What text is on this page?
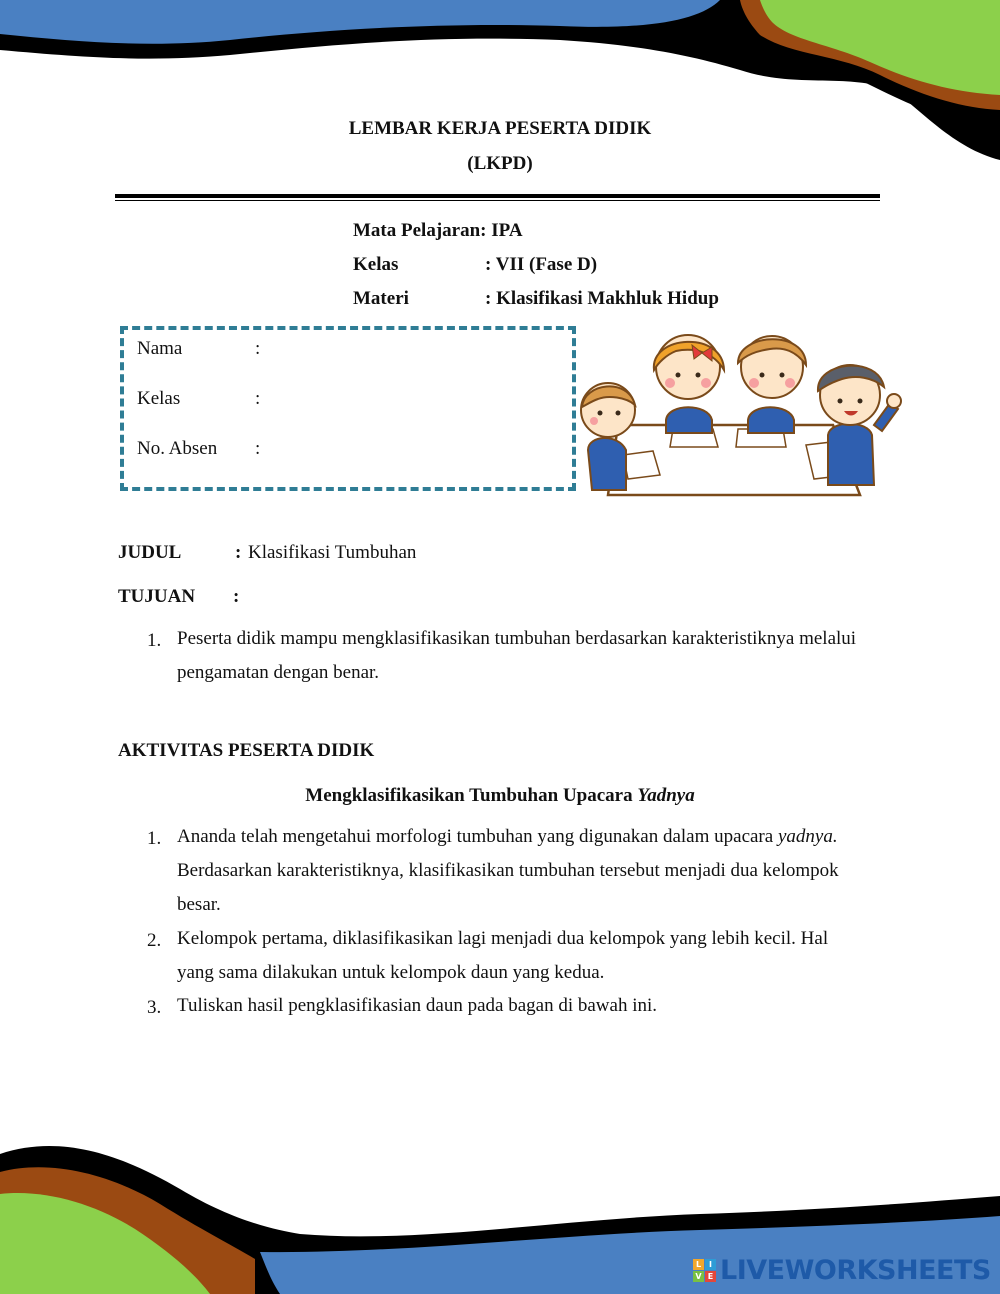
LEMBAR KERJA PESERTA DIDIK
(LKPD)
Mata Pelajaran: IPA
Kelas	: VII (Fase D)
Materi	: Klasifikasi Makhluk Hidup
Nama	:
Kelas	:
No. Absen :
JUDUL	: Klasifikasi Tumbuhan
TUJUAN :
1. Peserta didik mampu mengklasifikasikan tumbuhan berdasarkan karakteristiknya melalui
pengamatan dengan benar.
AKTIVITAS PESERTA DIDIK
Mengklasifikasikan Tumbuhan Upacara Yadnya
1. Ananda telah mengetahui morfologi tumbuhan yang digunakan dalam upacara yadnya.
Berdasarkan karakteristiknya, klasifikasikan tumbuhan tersebut menjadi dua kelompok
besar.
2. Kelompok pertama, diklasifikasikan lagi menjadi dua kelompok yang lebih kecil. Hal
yang sama dilakukan untuk kelompok daun yang kedua.
3. Tuliskan hasil pengklasifikasian daun pada bagan di bawah ini.
L I
V E LIVEWORKSHEETS
